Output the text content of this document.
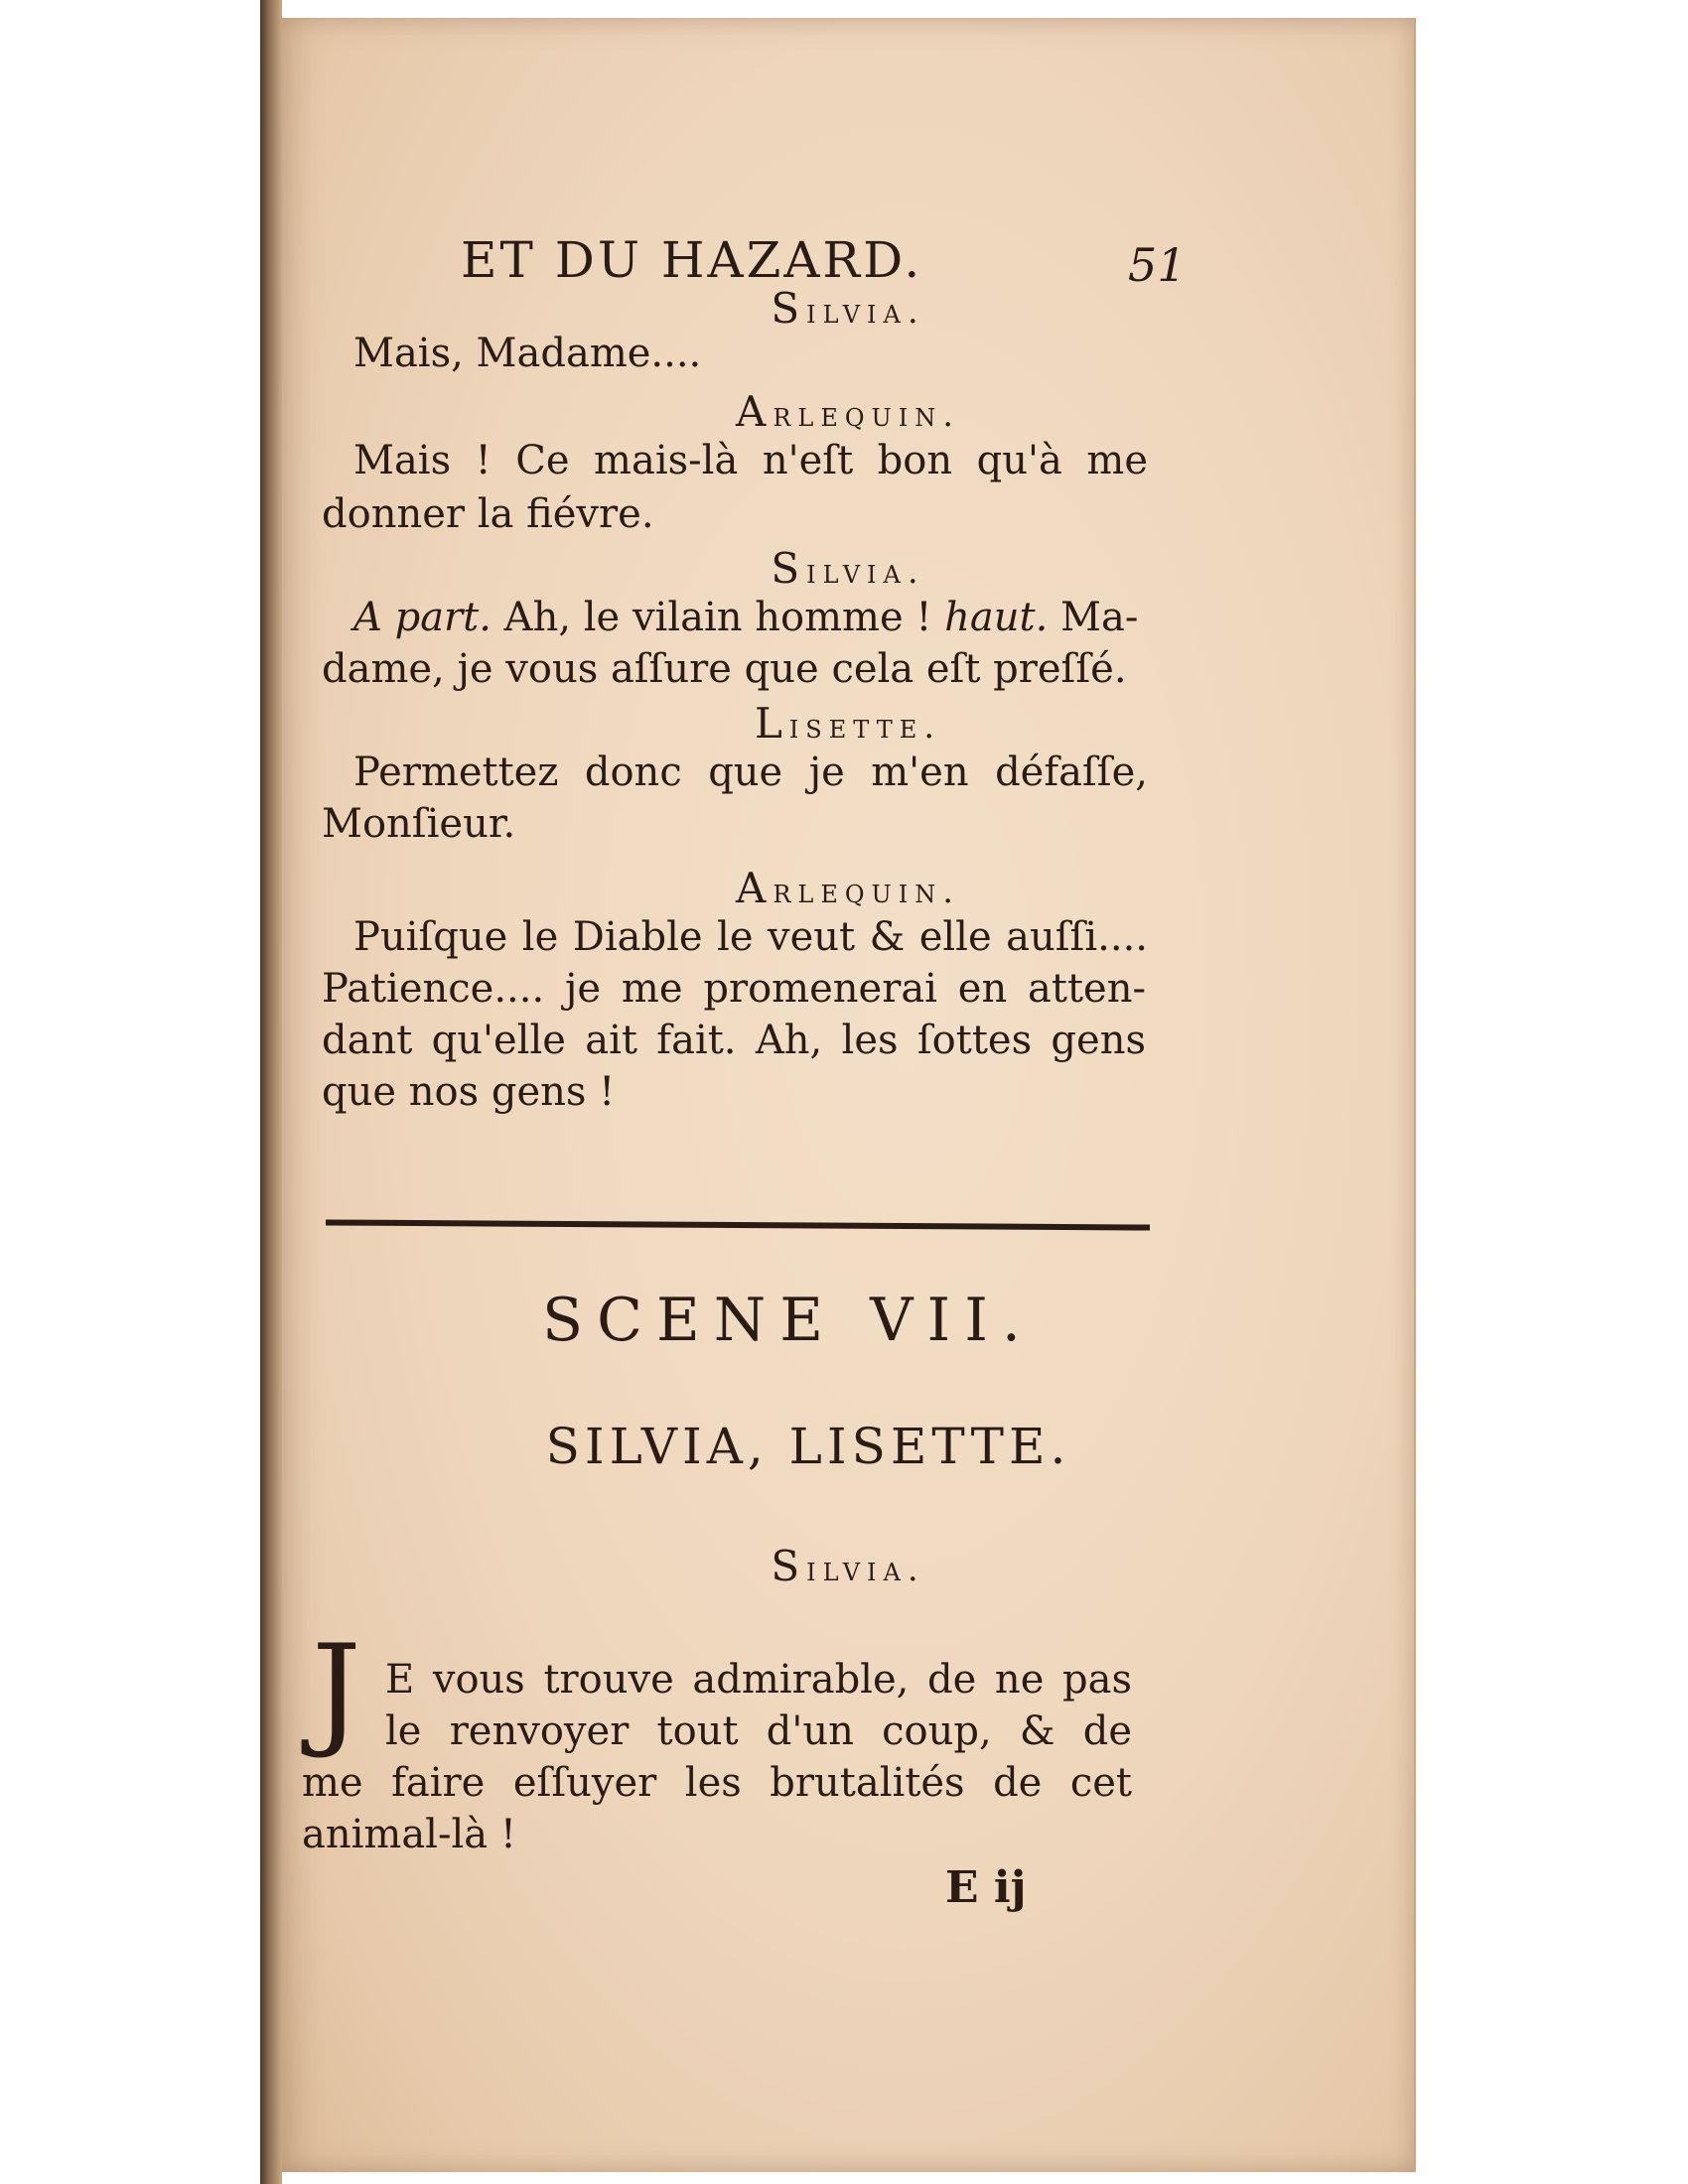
ET DU HAZARD.	51
Silvia.
Mais, Madame....
Arlequin.
Mais ! Ce mais-là n'eſt bon qu'à me
donner la fiévre.
Silvia.
A part. Ah, le vilain homme ! haut. Ma-
dame, je vous aſſure que cela eſt preſſé.
Lisette.
Permettez donc que je m'en défaſſe,
Monſieur.
Arlequin.
Puiſque le Diable le veut & elle auſſi....
Patience.... je me promenerai en atten-
dant qu'elle ait fait. Ah, les ſottes gens
que nos gens !
SCENE VII.
SILVIA, LISETTE.
Silvia.
J E vous trouve admirable, de ne pas
le renvoyer tout d'un coup, & de
me faire eſſuyer les brutalités de cet
animal-là !
E ij
